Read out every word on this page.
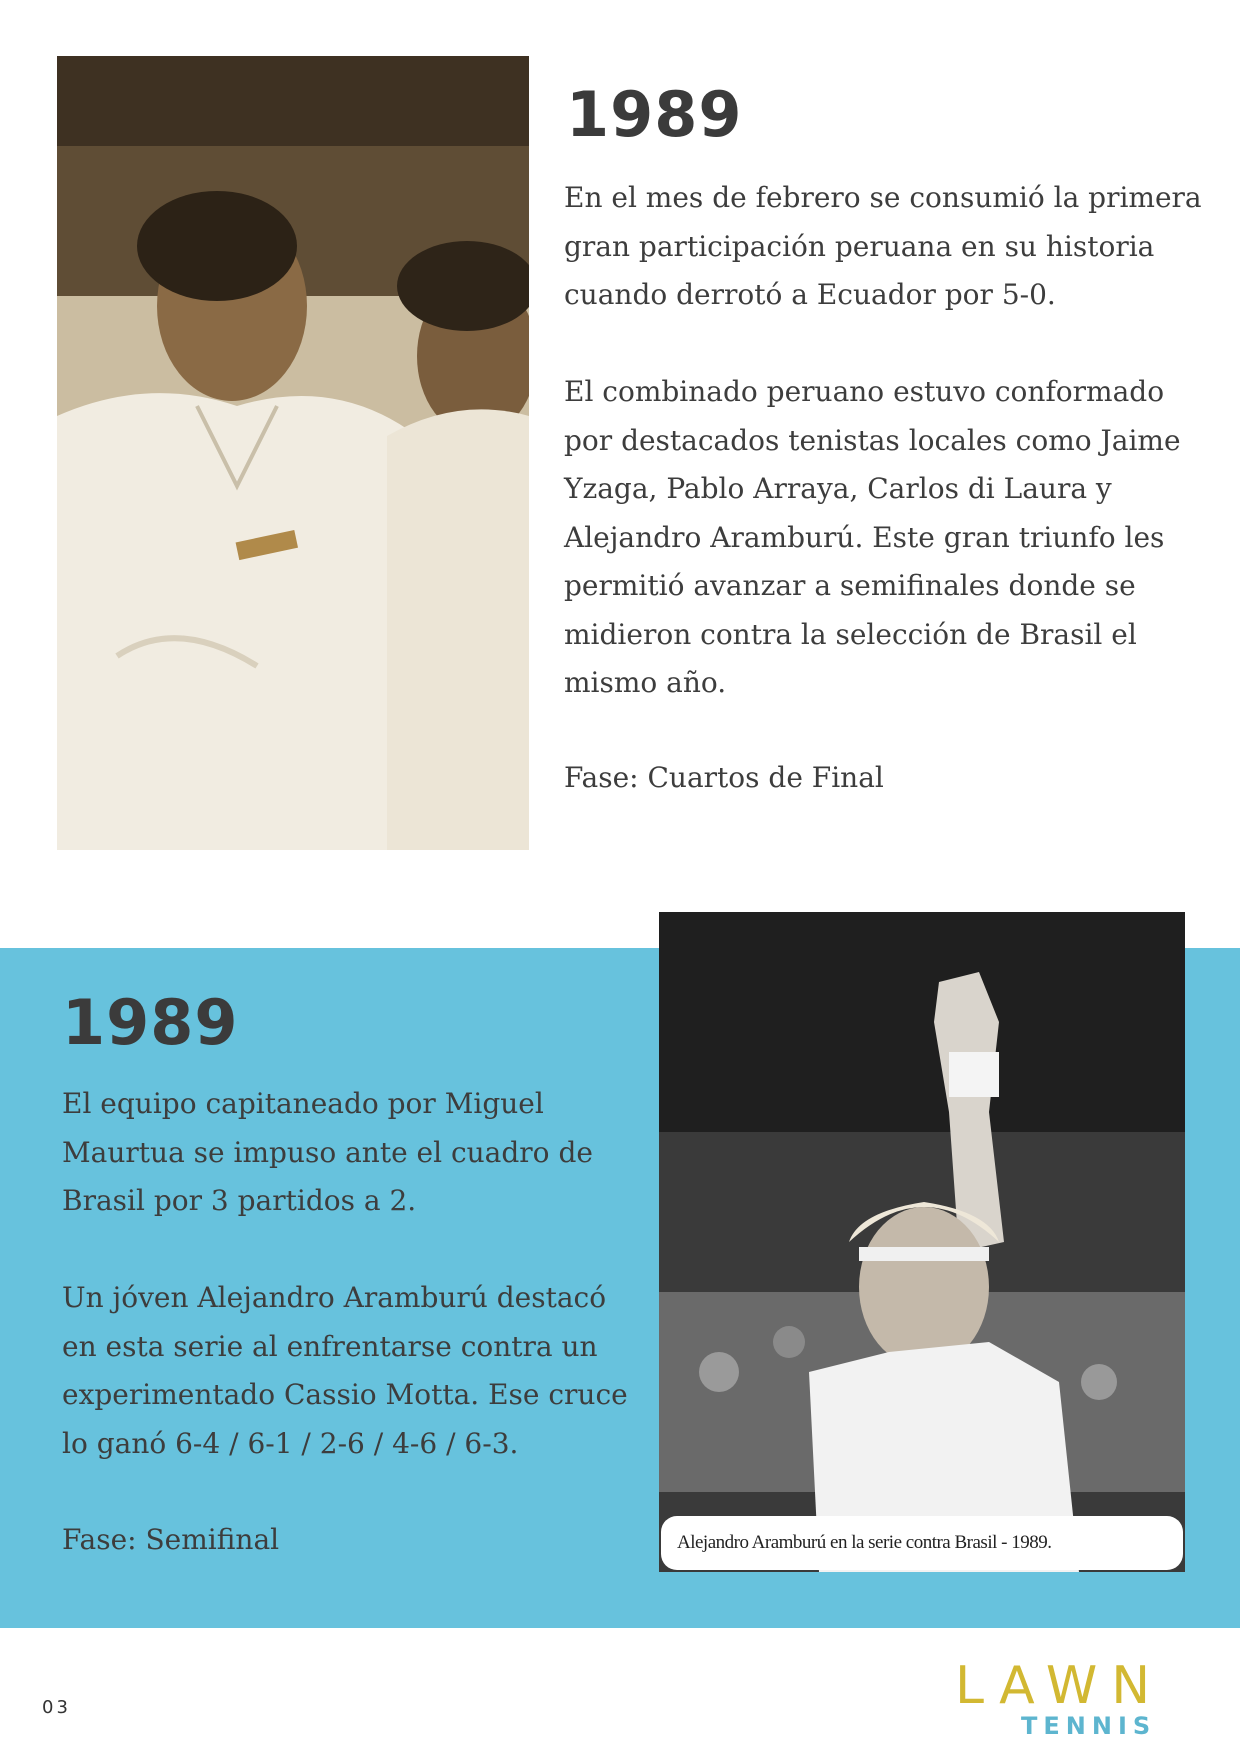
1989

En el mes de febrero se consumió la primera gran participación peruana en su historia cuando derrotó a Ecuador por 5-0.

El combinado peruano estuvo conformado por destacados tenistas locales como Jaime Yzaga, Pablo Arraya, Carlos di Laura y Alejandro Aramburú. Este gran triunfo les permitió avanzar a semifinales donde se midieron contra la selección de Brasil el mismo año.

Fase: Cuartos de Final

1989

El equipo capitaneado por Miguel Maurtua se impuso ante el cuadro de Brasil por 3 partidos a 2.

Un jóven Alejandro Aramburú destacó en esta serie al enfrentarse contra un experimentado Cassio Motta. Ese cruce lo ganó 6-4 / 6-1 / 2-6 / 4-6 / 6-3.

Fase: Semifinal	Alejandro Aramburú en la serie contra Brasil - 1989.
03	LAWN
TENNIS
